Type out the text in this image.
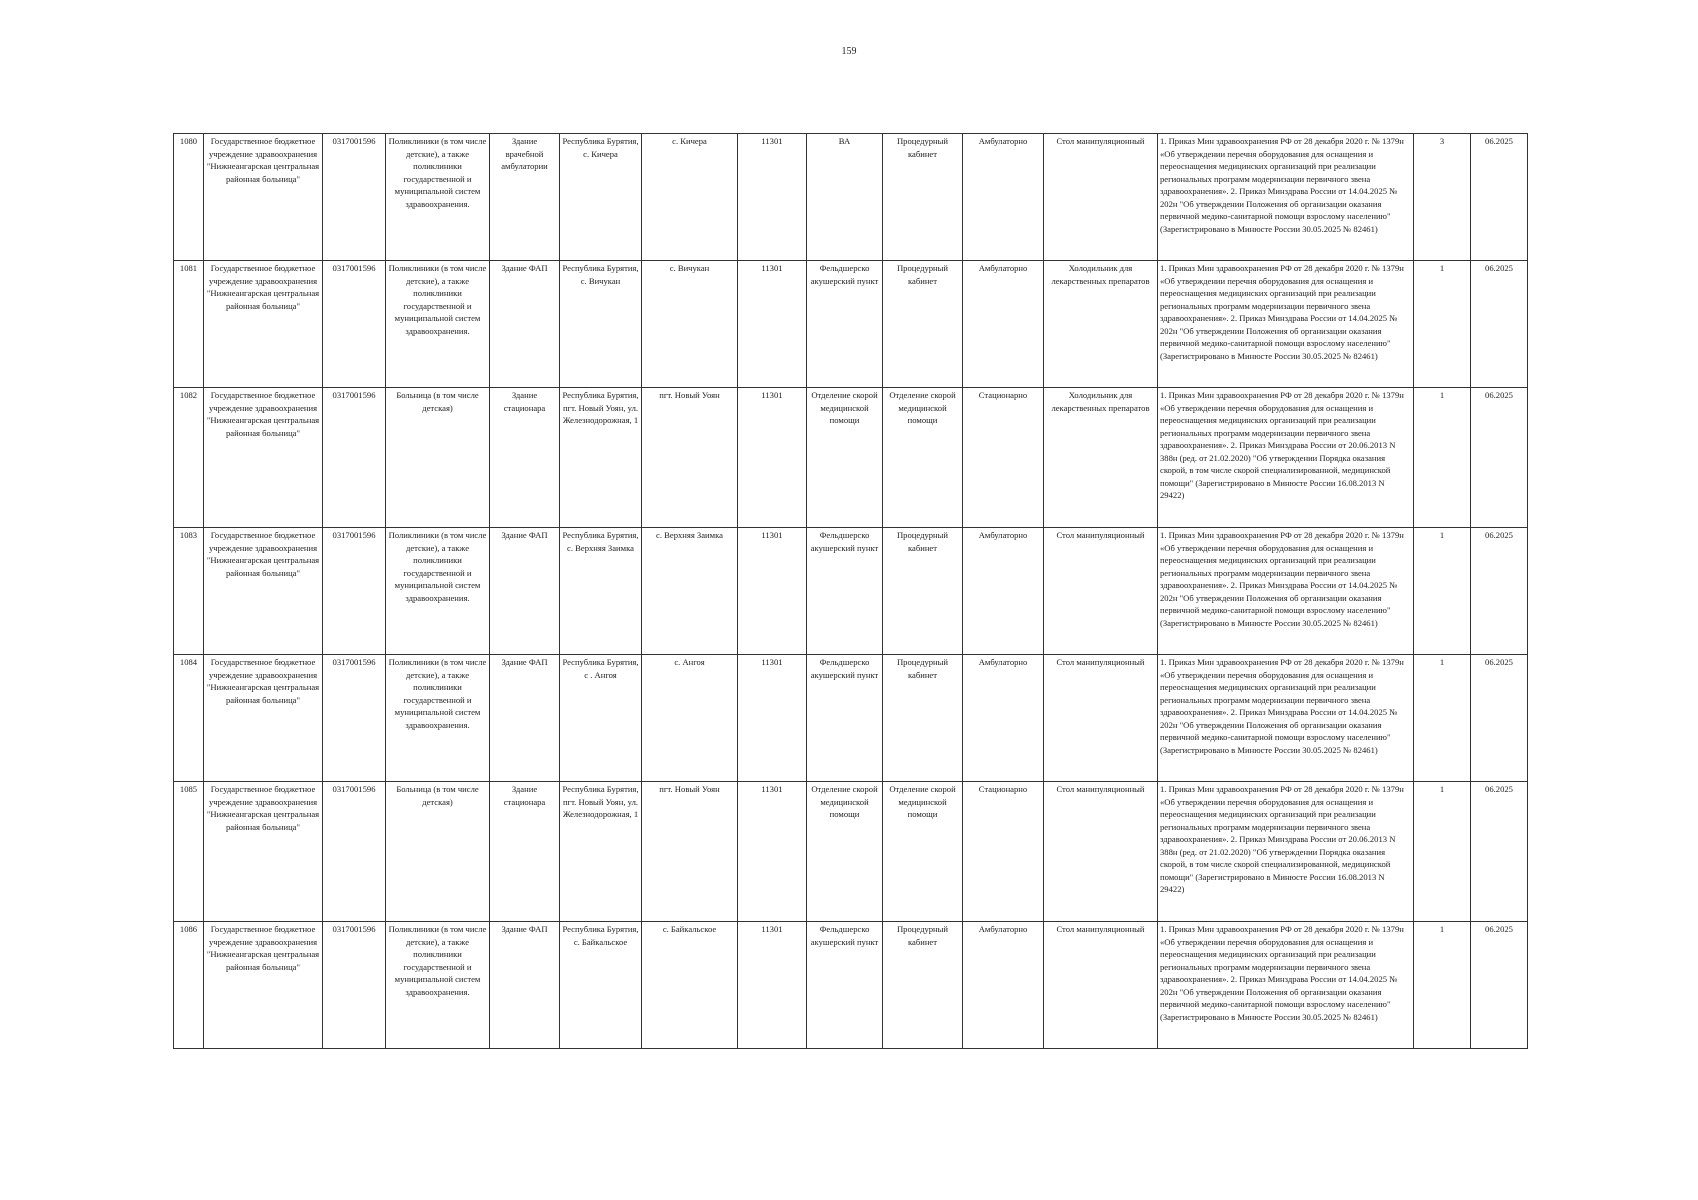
159
1080	Государственное бюджетное учреждение здравоохранения "Нижнеангарская центральная районная больница"	0317001596	Поликлиники (в том числе детские), а также поликлиники государственной и муниципальной систем здравоохранения.	Здание врачебной амбулатории	Республика Бурятия, с. Кичера	с. Кичера	11301	ВА	Процедурный кабинет	Амбулаторно	Стол манипуляционный	1. Приказ Мин здравоохранения РФ от 28 декабря 2020 г. № 1379н «Об утверждении перечня оборудования для оснащения и переоснащения медицинских организаций при реализации региональных программ модернизации первичного звена здравоохранения». 2. Приказ Минздрава России от 14.04.2025 № 202н "Об утверждении Положения об организации оказания первичной медико-санитарной помощи взрослому населению" (Зарегистрировано в Минюсте России 30.05.2025 № 82461)	3	06.2025
1081	Государственное бюджетное учреждение здравоохранения "Нижнеангарская центральная районная больница"	0317001596	Поликлиники (в том числе детские), а также поликлиники государственной и муниципальной систем здравоохранения.	Здание ФАП	Республика Бурятия, с. Вичукан	с. Вичукан	11301	Фельдшерско акушерский пункт	Процедурный кабинет	Амбулаторно	Холодильник для лекарственных препаратов	1. Приказ Мин здравоохранения РФ от 28 декабря 2020 г. № 1379н «Об утверждении перечня оборудования для оснащения и переоснащения медицинских организаций при реализации региональных программ модернизации первичного звена здравоохранения». 2. Приказ Минздрава России от 14.04.2025 № 202н "Об утверждении Положения об организации оказания первичной медико-санитарной помощи взрослому населению" (Зарегистрировано в Минюсте России 30.05.2025 № 82461)	1	06.2025
1082	Государственное бюджетное учреждение здравоохранения "Нижнеангарская центральная районная больница"	0317001596	Больница (в том числе детская)	Здание стационара	Республика Бурятия, пгт. Новый Уоян, ул. Железнодорожная, 1	пгт. Новый Уоян	11301	Отделение скорой медицинской помощи	Отделение скорой медицинской помощи	Стационарно	Холодильник для лекарственных препаратов	1. Приказ Мин здравоохранения РФ от 28 декабря 2020 г. № 1379н «Об утверждении перечня оборудования для оснащения и переоснащения медицинских организаций при реализации региональных программ модернизации первичного звена здравоохранения». 2. Приказ Минздрава России от 20.06.2013 N 388н (ред. от 21.02.2020) "Об утверждении Порядка оказания скорой, в том числе скорой специализированной, медицинской помощи" (Зарегистрировано в Минюсте России 16.08.2013 N 29422)	1	06.2025
1083	Государственное бюджетное учреждение здравоохранения "Нижнеангарская центральная районная больница"	0317001596	Поликлиники (в том числе детские), а также поликлиники государственной и муниципальной систем здравоохранения.	Здание ФАП	Республика Бурятия, с. Верхняя Заимка	с. Верхняя Заимка	11301	Фельдшерско акушерский пункт	Процедурный кабинет	Амбулаторно	Стол манипуляционный	1. Приказ Мин здравоохранения РФ от 28 декабря 2020 г. № 1379н «Об утверждении перечня оборудования для оснащения и переоснащения медицинских организаций при реализации региональных программ модернизации первичного звена здравоохранения». 2. Приказ Минздрава России от 14.04.2025 № 202н "Об утверждении Положения об организации оказания первичной медико-санитарной помощи взрослому населению" (Зарегистрировано в Минюсте России 30.05.2025 № 82461)	1	06.2025
1084	Государственное бюджетное учреждение здравоохранения "Нижнеангарская центральная районная больница"	0317001596	Поликлиники (в том числе детские), а также поликлиники государственной и муниципальной систем здравоохранения.	Здание ФАП	Республика Бурятия, с . Ангоя	с. Ангоя	11301	Фельдшерско акушерский пункт	Процедурный кабинет	Амбулаторно	Стол манипуляционный	1. Приказ Мин здравоохранения РФ от 28 декабря 2020 г. № 1379н «Об утверждении перечня оборудования для оснащения и переоснащения медицинских организаций при реализации региональных программ модернизации первичного звена здравоохранения». 2. Приказ Минздрава России от 14.04.2025 № 202н "Об утверждении Положения об организации оказания первичной медико-санитарной помощи взрослому населению" (Зарегистрировано в Минюсте России 30.05.2025 № 82461)	1	06.2025
1085	Государственное бюджетное учреждение здравоохранения "Нижнеангарская центральная районная больница"	0317001596	Больница (в том числе детская)	Здание стационара	Республика Бурятия, пгт. Новый Уоян, ул. Железнодорожная, 1	пгт. Новый Уоян	11301	Отделение скорой медицинской помощи	Отделение скорой медицинской помощи	Стационарно	Стол манипуляционный	1. Приказ Мин здравоохранения РФ от 28 декабря 2020 г. № 1379н «Об утверждении перечня оборудования для оснащения и переоснащения медицинских организаций при реализации региональных программ модернизации первичного звена здравоохранения». 2. Приказ Минздрава России от 20.06.2013 N 388н (ред. от 21.02.2020) "Об утверждении Порядка оказания скорой, в том числе скорой специализированной, медицинской помощи" (Зарегистрировано в Минюсте России 16.08.2013 N 29422)	1	06.2025
1086	Государственное бюджетное учреждение здравоохранения "Нижнеангарская центральная районная больница"	0317001596	Поликлиники (в том числе детские), а также поликлиники государственной и муниципальной систем здравоохранения.	Здание ФАП	Республика Бурятия, с. Байкальское	с. Байкальское	11301	Фельдшерско акушерский пункт	Процедурный кабинет	Амбулаторно	Стол манипуляционный	1. Приказ Мин здравоохранения РФ от 28 декабря 2020 г. № 1379н «Об утверждении перечня оборудования для оснащения и переоснащения медицинских организаций при реализации региональных программ модернизации первичного звена здравоохранения». 2. Приказ Минздрава России от 14.04.2025 № 202н "Об утверждении Положения об организации оказания первичной медико-санитарной помощи взрослому населению" (Зарегистрировано в Минюсте России 30.05.2025 № 82461)	1	06.2025
